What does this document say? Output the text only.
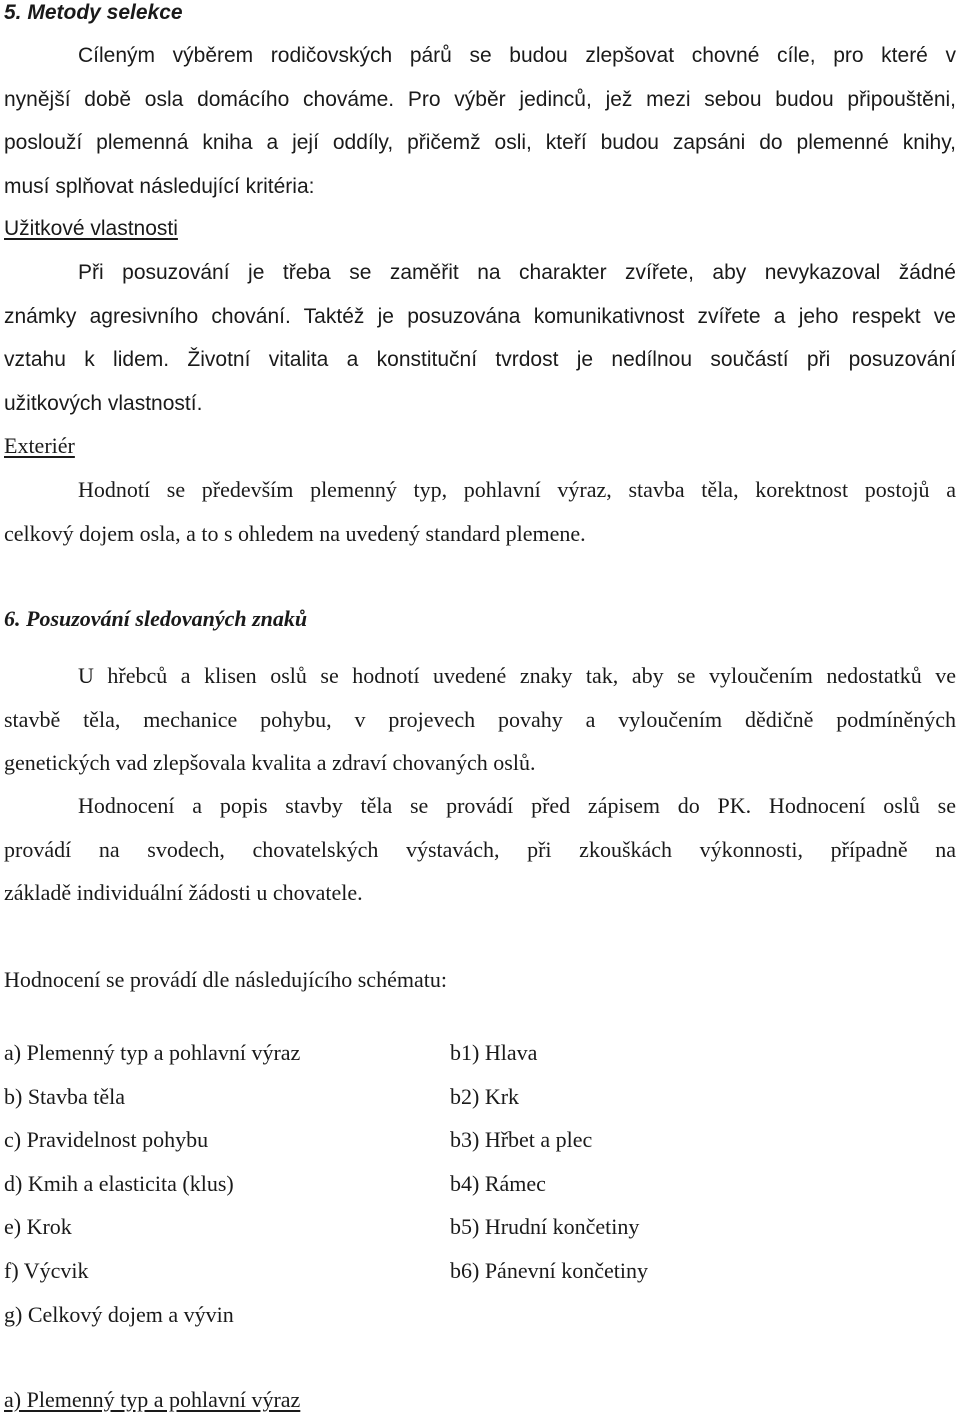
5. Metody selekce
Cíleným výběrem rodičovských párů se budou zlepšovat chovné cíle, pro které v
nynější době osla domácího chováme. Pro výběr jedinců, jež mezi sebou budou připouštěni,
poslouží plemenná kniha a její oddíly, přičemž osli, kteří budou zapsáni do plemenné knihy,
musí splňovat následující kritéria:
Užitkové vlastnosti
Při posuzování je třeba se zaměřit na charakter zvířete, aby nevykazoval žádné
známky agresivního chování. Taktéž je posuzována komunikativnost zvířete a jeho respekt ve
vztahu k lidem. Životní vitalita a konstituční tvrdost je nedílnou součástí při posuzování
užitkových vlastností.
Exteriér
Hodnotí se především plemenný typ, pohlavní výraz, stavba těla, korektnost postojů a
celkový dojem osla, a to s ohledem na uvedený standard plemene.
6. Posuzování sledovaných znaků
U hřebců a klisen oslů se hodnotí uvedené znaky tak, aby se vyloučením nedostatků ve
stavbě těla, mechanice pohybu, v projevech povahy a vyloučením dědičně podmíněných
genetických vad zlepšovala kvalita a zdraví chovaných oslů.
Hodnocení a popis stavby těla se provádí před zápisem do PK. Hodnocení oslů se
provádí na svodech, chovatelských výstavách, při zkouškách výkonnosti, případně na
základě individuální žádosti u chovatele.
Hodnocení se provádí dle následujícího schématu:
a) Plemenný typ a pohlavní výraz
b) Stavba těla
c) Pravidelnost pohybu
d) Kmih a elasticita (klus)
e) Krok
f) Výcvik
g) Celkový dojem a vývin
b1) Hlava
b2) Krk
b3) Hřbet a plec
b4) Rámec
b5) Hrudní končetiny
b6) Pánevní končetiny
a) Plemenný typ a pohlavní výraz
